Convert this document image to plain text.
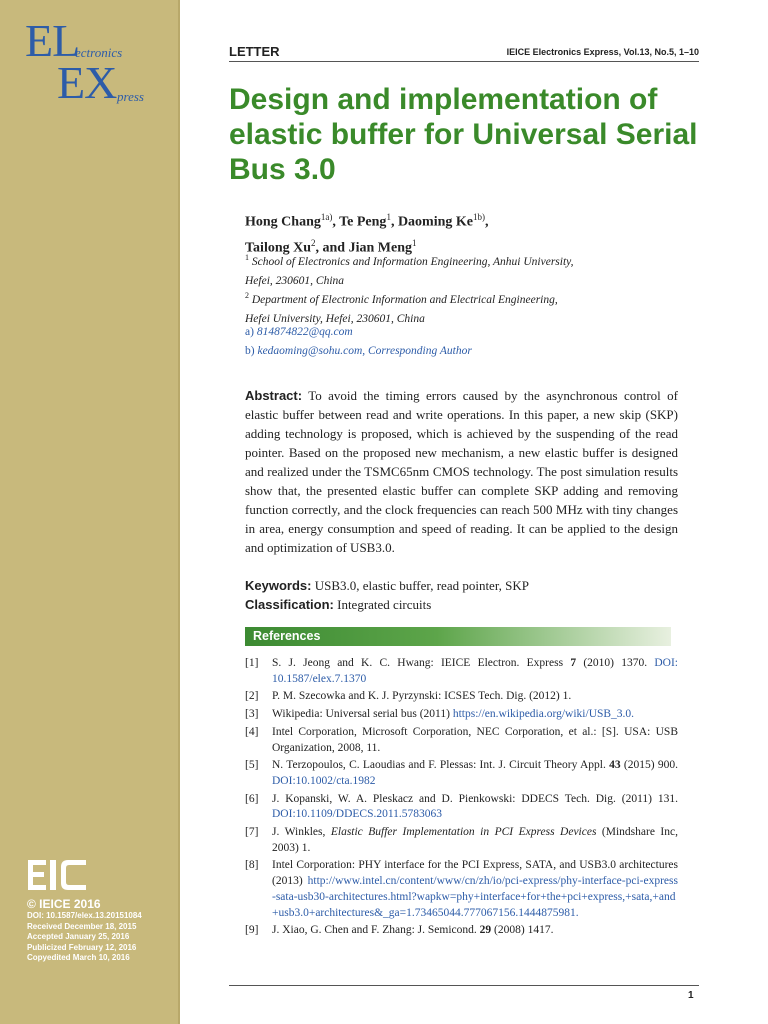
EL
ectronics
EX press
© IEICE 2016
DOI: 10.1587/elex.13.20151084
Received December 18, 2015
Accepted January 25, 2016
Publicized February 12, 2016
Copyedited March 10, 2016
LETTER	IEICE Electronics Express, Vol.13, No.5, 1–10
Design and implementation of elastic buffer for Universal Serial Bus 3.0
Hong Chang$^{1a)}$, Te Peng$^1$, Daoming $Ke^{1b)}$,
Tailong Xu$^2$, and Jian Meng$^1$
$^1$ School of Electronics and Information Engineering, Anhui University,
Hefei, 230601, China
$^2$ Department of Electronic Information and Electrical Engineering,
Hefei University, Hefei, 230601, China
a) 814874822@qq.com
b) kedaoming@sohu.com, Corresponding Author
Abstract: To avoid the timing errors caused by the asynchronous control of elastic buffer between read and write operations. In this paper, a new skip (SKP) adding technology is proposed, which is achieved by the suspending of the read pointer. Based on the proposed new mechanism, a new elastic buffer is designed and realized under the TSMC65nm CMOS technology. The post simulation results show that, the presented elastic buffer can complete SKP adding and removing function correctly, and the clock frequencies can reach 500 MHz with tiny changes in area, energy consumption and speed of reading. It can be applied to the design and optimization of USB3.0.
Keywords: USB3.0, elastic buffer, read pointer, SKP
Classification: Integrated circuits
References
[1]	S. J. Jeong and K. C. Hwang: IEICE Electron. Express 7 (2010) 1370. DOI: 10.1587/elex.7.1370
[2]	P. M. Szecowka and K. J. Pyrzynski: ICSES Tech. Dig. (2012) 1.
[3]	Wikipedia: Universal serial bus (2011) https://en.wikipedia.org/wiki/USB_3.0.
[4]	Intel Corporation, Microsoft Corporation, NEC Corporation, et al.: [S]. USA: USB Organization, 2008, 11.
[5]	N. Terzopoulos, C. Laoudias and F. Plessas: Int. J. Circuit Theory Appl. 43 (2015) 900. DOI:10.1002/cta.1982
[6]	J. Kopanski, W. A. Pleskacz and D. Pienkowski: DDECS Tech. Dig. (2011) 131. DOI:10.1109/DDECS.2011.5783063
[7]	J. Winkles, Elastic Buffer Implementation in PCI Express Devices (Mindshare Inc, 2003) 1.
[8]	Intel Corporation: PHY interface for the PCI Express, SATA, and USB3.0 architectures (2013) http://www.intel.cn/content/www/cn/zh/io/pci-express/phy-interface-pci-express-sata-usb30-architectures.html?wapkw=phy+interface+for+the+pci+express,+sata,+and+usb3.0+architectures&_ga=1.73465044.777067156.1444875981.
[9]	J. Xiao, G. Chen and F. Zhang: J. Semicond. 29 (2008) 1417.
1
